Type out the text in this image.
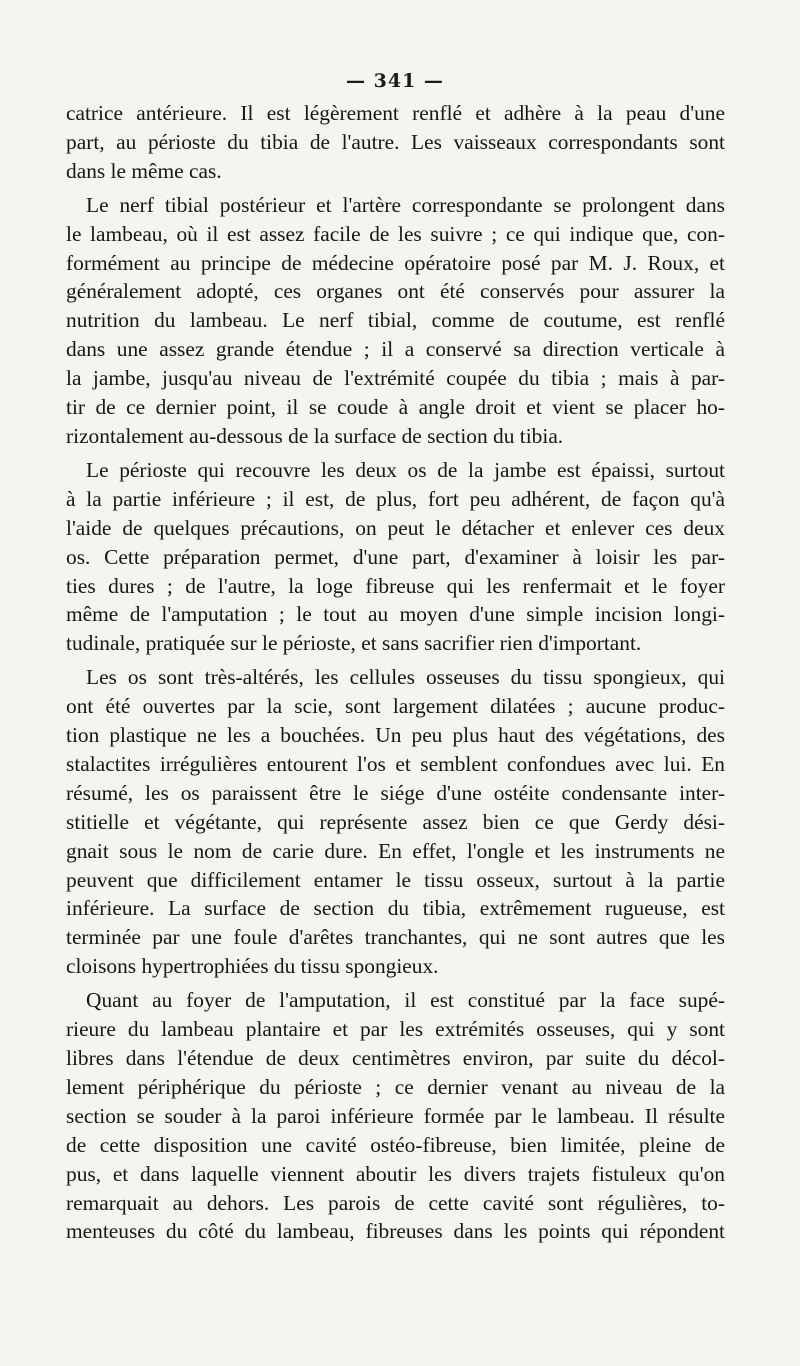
— 341 —
catrice antérieure. Il est légèrement renflé et adhère à la peau d'une
part, au périoste du tibia de l'autre. Les vaisseaux correspondants sont
dans le même cas.
Le nerf tibial postérieur et l'artère correspondante se prolongent dans
le lambeau, où il est assez facile de les suivre ; ce qui indique que, con-
formément au principe de médecine opératoire posé par M. J. Roux, et
généralement adopté, ces organes ont été conservés pour assurer la
nutrition du lambeau. Le nerf tibial, comme de coutume, est renflé
dans une assez grande étendue ; il a conservé sa direction verticale à
la jambe, jusqu'au niveau de l'extrémité coupée du tibia ; mais à par-
tir de ce dernier point, il se coude à angle droit et vient se placer ho-
rizontalement au-dessous de la surface de section du tibia.
Le périoste qui recouvre les deux os de la jambe est épaissi, surtout
à la partie inférieure ; il est, de plus, fort peu adhérent, de façon qu'à
l'aide de quelques précautions, on peut le détacher et enlever ces deux
os. Cette préparation permet, d'une part, d'examiner à loisir les par-
ties dures ; de l'autre, la loge fibreuse qui les renfermait et le foyer
même de l'amputation ; le tout au moyen d'une simple incision longi-
tudinale, pratiquée sur le périoste, et sans sacrifier rien d'important.
Les os sont très-altérés, les cellules osseuses du tissu spongieux, qui
ont été ouvertes par la scie, sont largement dilatées ; aucune produc-
tion plastique ne les a bouchées. Un peu plus haut des végétations, des
stalactites irrégulières entourent l'os et semblent confondues avec lui. En
résumé, les os paraissent être le siége d'une ostéite condensante inter-
stitielle et végétante, qui représente assez bien ce que Gerdy dési-
gnait sous le nom de carie dure. En effet, l'ongle et les instruments ne
peuvent que difficilement entamer le tissu osseux, surtout à la partie
inférieure. La surface de section du tibia, extrêmement rugueuse, est
terminée par une foule d'arêtes tranchantes, qui ne sont autres que les
cloisons hypertrophiées du tissu spongieux.
Quant au foyer de l'amputation, il est constitué par la face supé-
rieure du lambeau plantaire et par les extrémités osseuses, qui y sont
libres dans l'étendue de deux centimètres environ, par suite du décol-
lement périphérique du périoste ; ce dernier venant au niveau de la
section se souder à la paroi inférieure formée par le lambeau. Il résulte
de cette disposition une cavité ostéo-fibreuse, bien limitée, pleine de
pus, et dans laquelle viennent aboutir les divers trajets fistuleux qu'on
remarquait au dehors. Les parois de cette cavité sont régulières, to-
menteuses du côté du lambeau, fibreuses dans les points qui répondent
